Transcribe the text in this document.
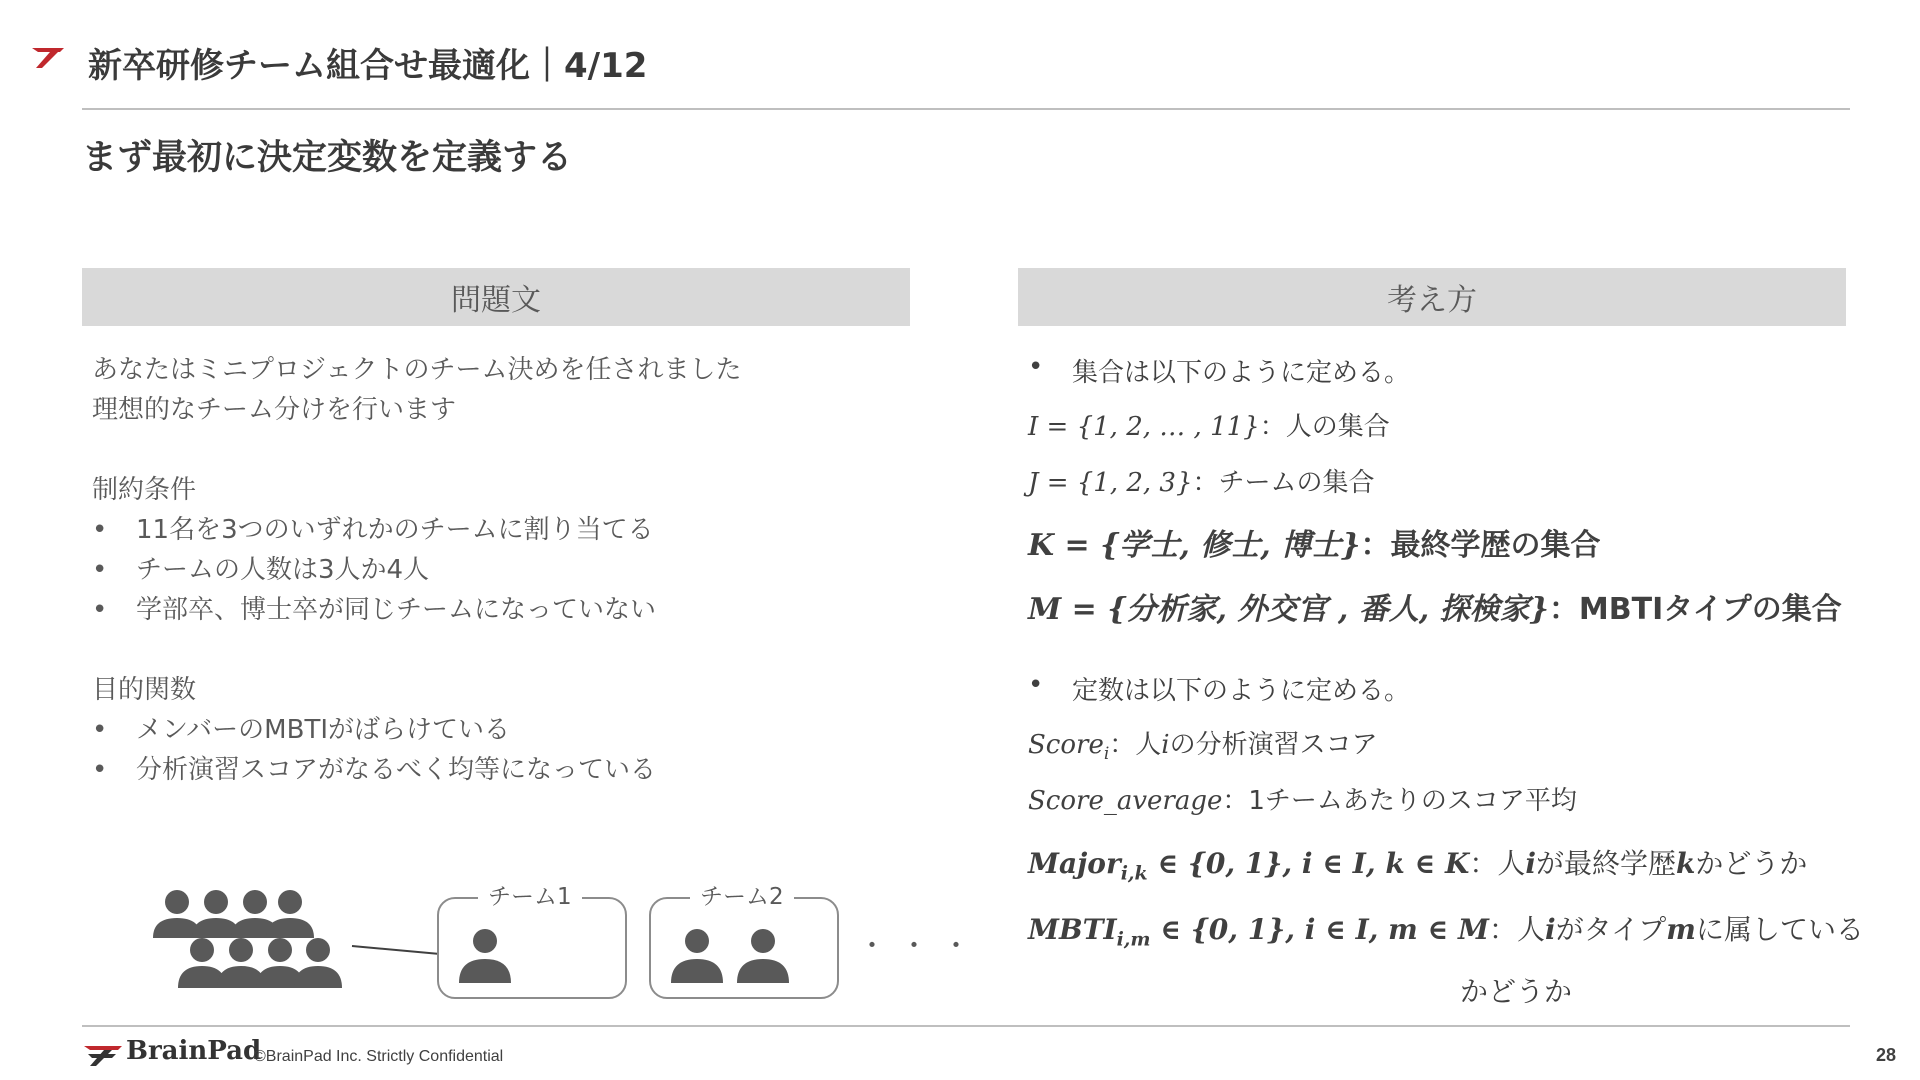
新卒研修チーム組合せ最適化｜4/12
まず最初に決定変数を定義する
問題文
あなたはミニプロジェクトのチーム決めを任されました
理想的なチーム分けを行います
制約条件
•	11名を3つのいずれかのチームに割り当てる
•	チームの人数は3人か4人
•	学部卒、博士卒が同じチームになっていない
目的関数
•	メンバーのMBTIがばらけている
•	分析演習スコアがなるべく均等になっている
チーム1	チーム2
・・・
考え方
•	集合は以下のように定める。
I = {1, 2, … , 11}：人の集合
J = {1, 2, 3}：チームの集合
K = {学士, 修士, 博士}：最終学歴の集合
M = {分析家, 外交官 , 番人, 探検家}：MBTIタイプの集合
•	定数は以下のように定める。
Score$_i$：人iの分析演習スコア
Score_average：1チームあたりのスコア平均
Major$_{i,k}$ ∈ {0, 1}, i ∈ I, k ∈ K：人iが最終学歴kかどうか
$MBTI_{i,m}$ ∈ {0, 1}, i ∈ I, m ∈ M：人iがタイプmに属している
かどうか
BrainPad
©BrainPad Inc. Strictly Confidential	28
